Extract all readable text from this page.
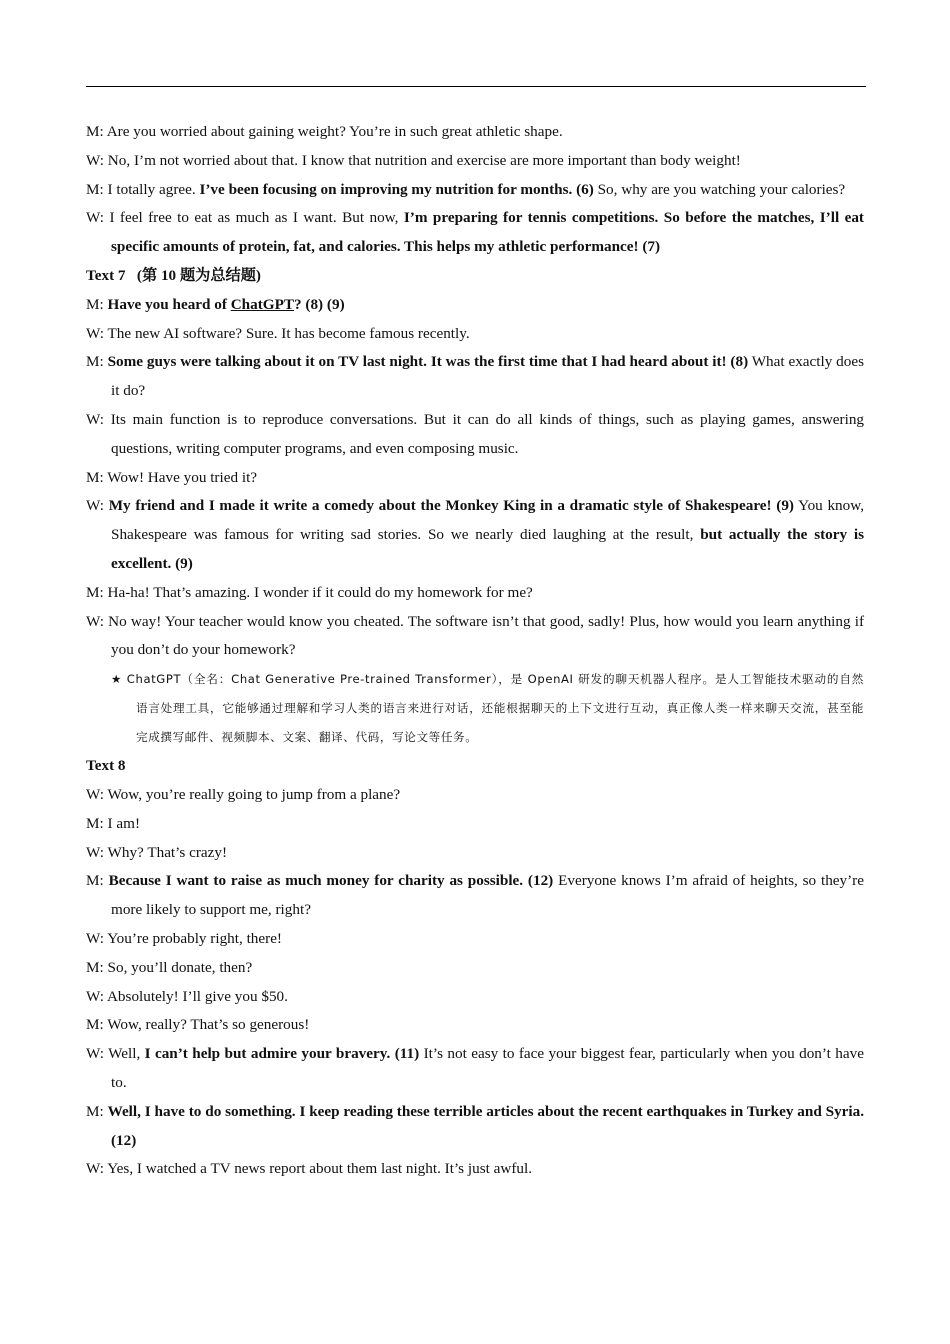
M: Are you worried about gaining weight? You’re in such great athletic shape.
W: No, I’m not worried about that. I know that nutrition and exercise are more important than body weight!
M: I totally agree. I’ve been focusing on improving my nutrition for months. (6) So, why are you watching your calories?
W: I feel free to eat as much as I want. But now, I’m preparing for tennis competitions. So before the matches, I’ll eat specific amounts of protein, fat, and calories. This helps my athletic performance! (7)
Text 7 (第 10 题为总结题)
M: Have you heard of ChatGPT? (8) (9)
W: The new AI software? Sure. It has become famous recently.
M: Some guys were talking about it on TV last night. It was the first time that I had heard about it! (8) What exactly does it do?
W: Its main function is to reproduce conversations. But it can do all kinds of things, such as playing games, answering questions, writing computer programs, and even composing music.
M: Wow! Have you tried it?
W: My friend and I made it write a comedy about the Monkey King in a dramatic style of Shakespeare! (9) You know, Shakespeare was famous for writing sad stories. So we nearly died laughing at the result, but actually the story is excellent. (9)
M: Ha-ha! That’s amazing. I wonder if it could do my homework for me?
W: No way! Your teacher would know you cheated. The software isn’t that good, sadly! Plus, how would you learn anything if you don’t do your homework?
★ ChatGPT（全名：Chat Generative Pre-trained Transformer），是 OpenAI 研发的聊天机器人程序。是人工智能技术驱动的自然语言处理工具，它能够通过理解和学习人类的语言来进行对话，还能根据聊天的上下文进行互动，真正像人类一样来聊天交流，甚至能完成撰写邮件、视频脚本、文案、翻译、代码，写论文等任务。
Text 8
W: Wow, you’re really going to jump from a plane?
M: I am!
W: Why? That’s crazy!
M: Because I want to raise as much money for charity as possible. (12) Everyone knows I’m afraid of heights, so they’re more likely to support me, right?
W: You’re probably right, there!
M: So, you’ll donate, then?
W: Absolutely! I’ll give you $50.
M: Wow, really? That’s so generous!
W: Well, I can’t help but admire your bravery. (11) It’s not easy to face your biggest fear, particularly when you don’t have to.
M: Well, I have to do something. I keep reading these terrible articles about the recent earthquakes in Turkey and Syria. (12)
W: Yes, I watched a TV news report about them last night. It’s just awful.
